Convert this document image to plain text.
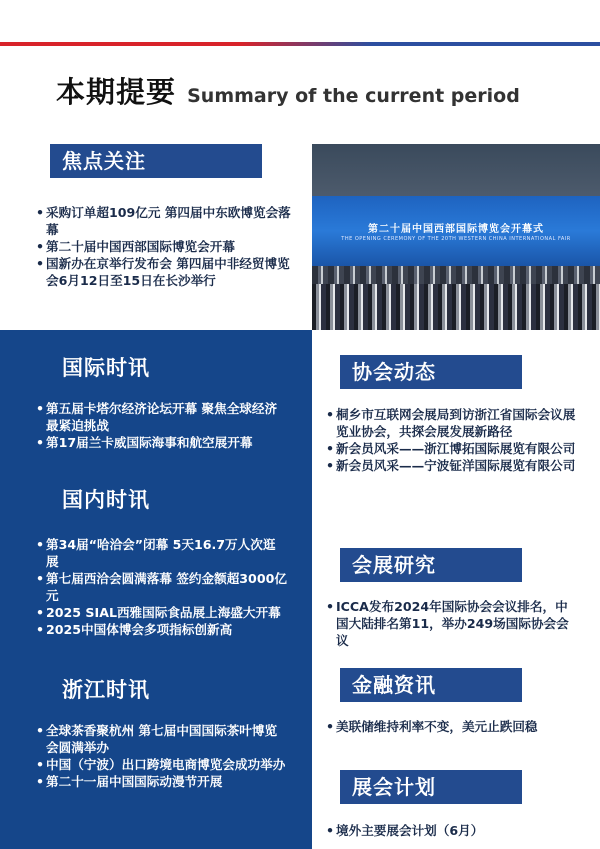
本期提要 Summary of the current period
焦点关注
• 采购订单超109亿元 第四届中东欧博览会落幕
• 第二十届中国西部国际博览会开幕
• 国新办在京举行发布会 第四届中非经贸博览会6月12日至15日在长沙举行
第二十届中国西部国际博览会开幕式
THE OPENING CEREMONY OF THE 20TH WESTERN CHINA INTERNATIONAL FAIR
国际时讯
• 第五届卡塔尔经济论坛开幕 聚焦全球经济最紧迫挑战
• 第17届兰卡威国际海事和航空展开幕
国内时讯
• 第34届“哈洽会”闭幕 5天16.7万人次逛展
• 第七届西洽会圆满落幕 签约金额超3000亿元
• 2025 SIAL西雅国际食品展上海盛大开幕
• 2025中国体博会多项指标创新高
浙江时讯
• 全球茶香聚杭州 第七届中国国际茶叶博览会圆满举办
• 中国（宁波）出口跨境电商博览会成功举办
• 第二十一届中国国际动漫节开展
协会动态
• 桐乡市互联网会展局到访浙江省国际会议展览业协会，共探会展发展新路径
• 新会员风采——浙江博拓国际展览有限公司
• 新会员风采——宁波钲洋国际展览有限公司
会展研究
• ICCA发布2024年国际协会会议排名，中国大陆排名第11，举办249场国际协会会议
金融资讯
• 美联储维持利率不变，美元止跌回稳
展会计划
• 境外主要展会计划（6月）
